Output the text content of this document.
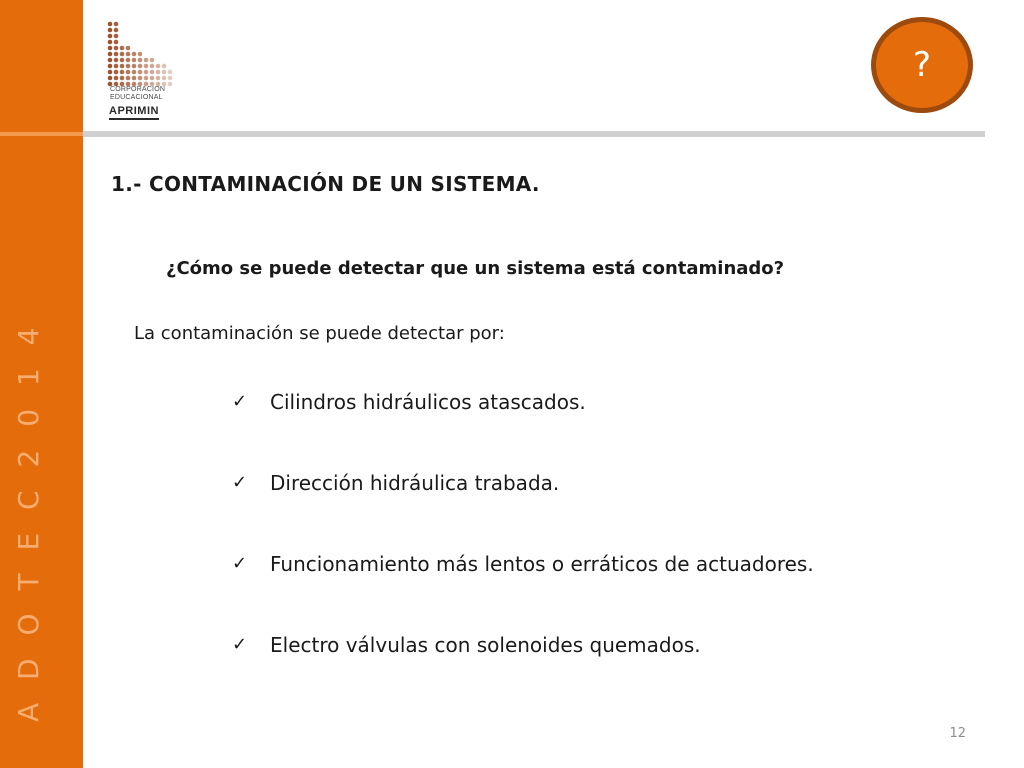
A D O T E C 2 0 1 4
CORPORACION
EDUCACIONAL
APRIMIN
?
1.- CONTAMINACIÓN DE UN SISTEMA.

¿Cómo se puede detectar que un sistema está contaminado?

La contaminación se puede detectar por:

✓	Cilindros hidráulicos atascados.
✓	Dirección hidráulica trabada.
✓	Funcionamiento más lentos o erráticos de actuadores.
✓	Electro válvulas con solenoides quemados.
12
